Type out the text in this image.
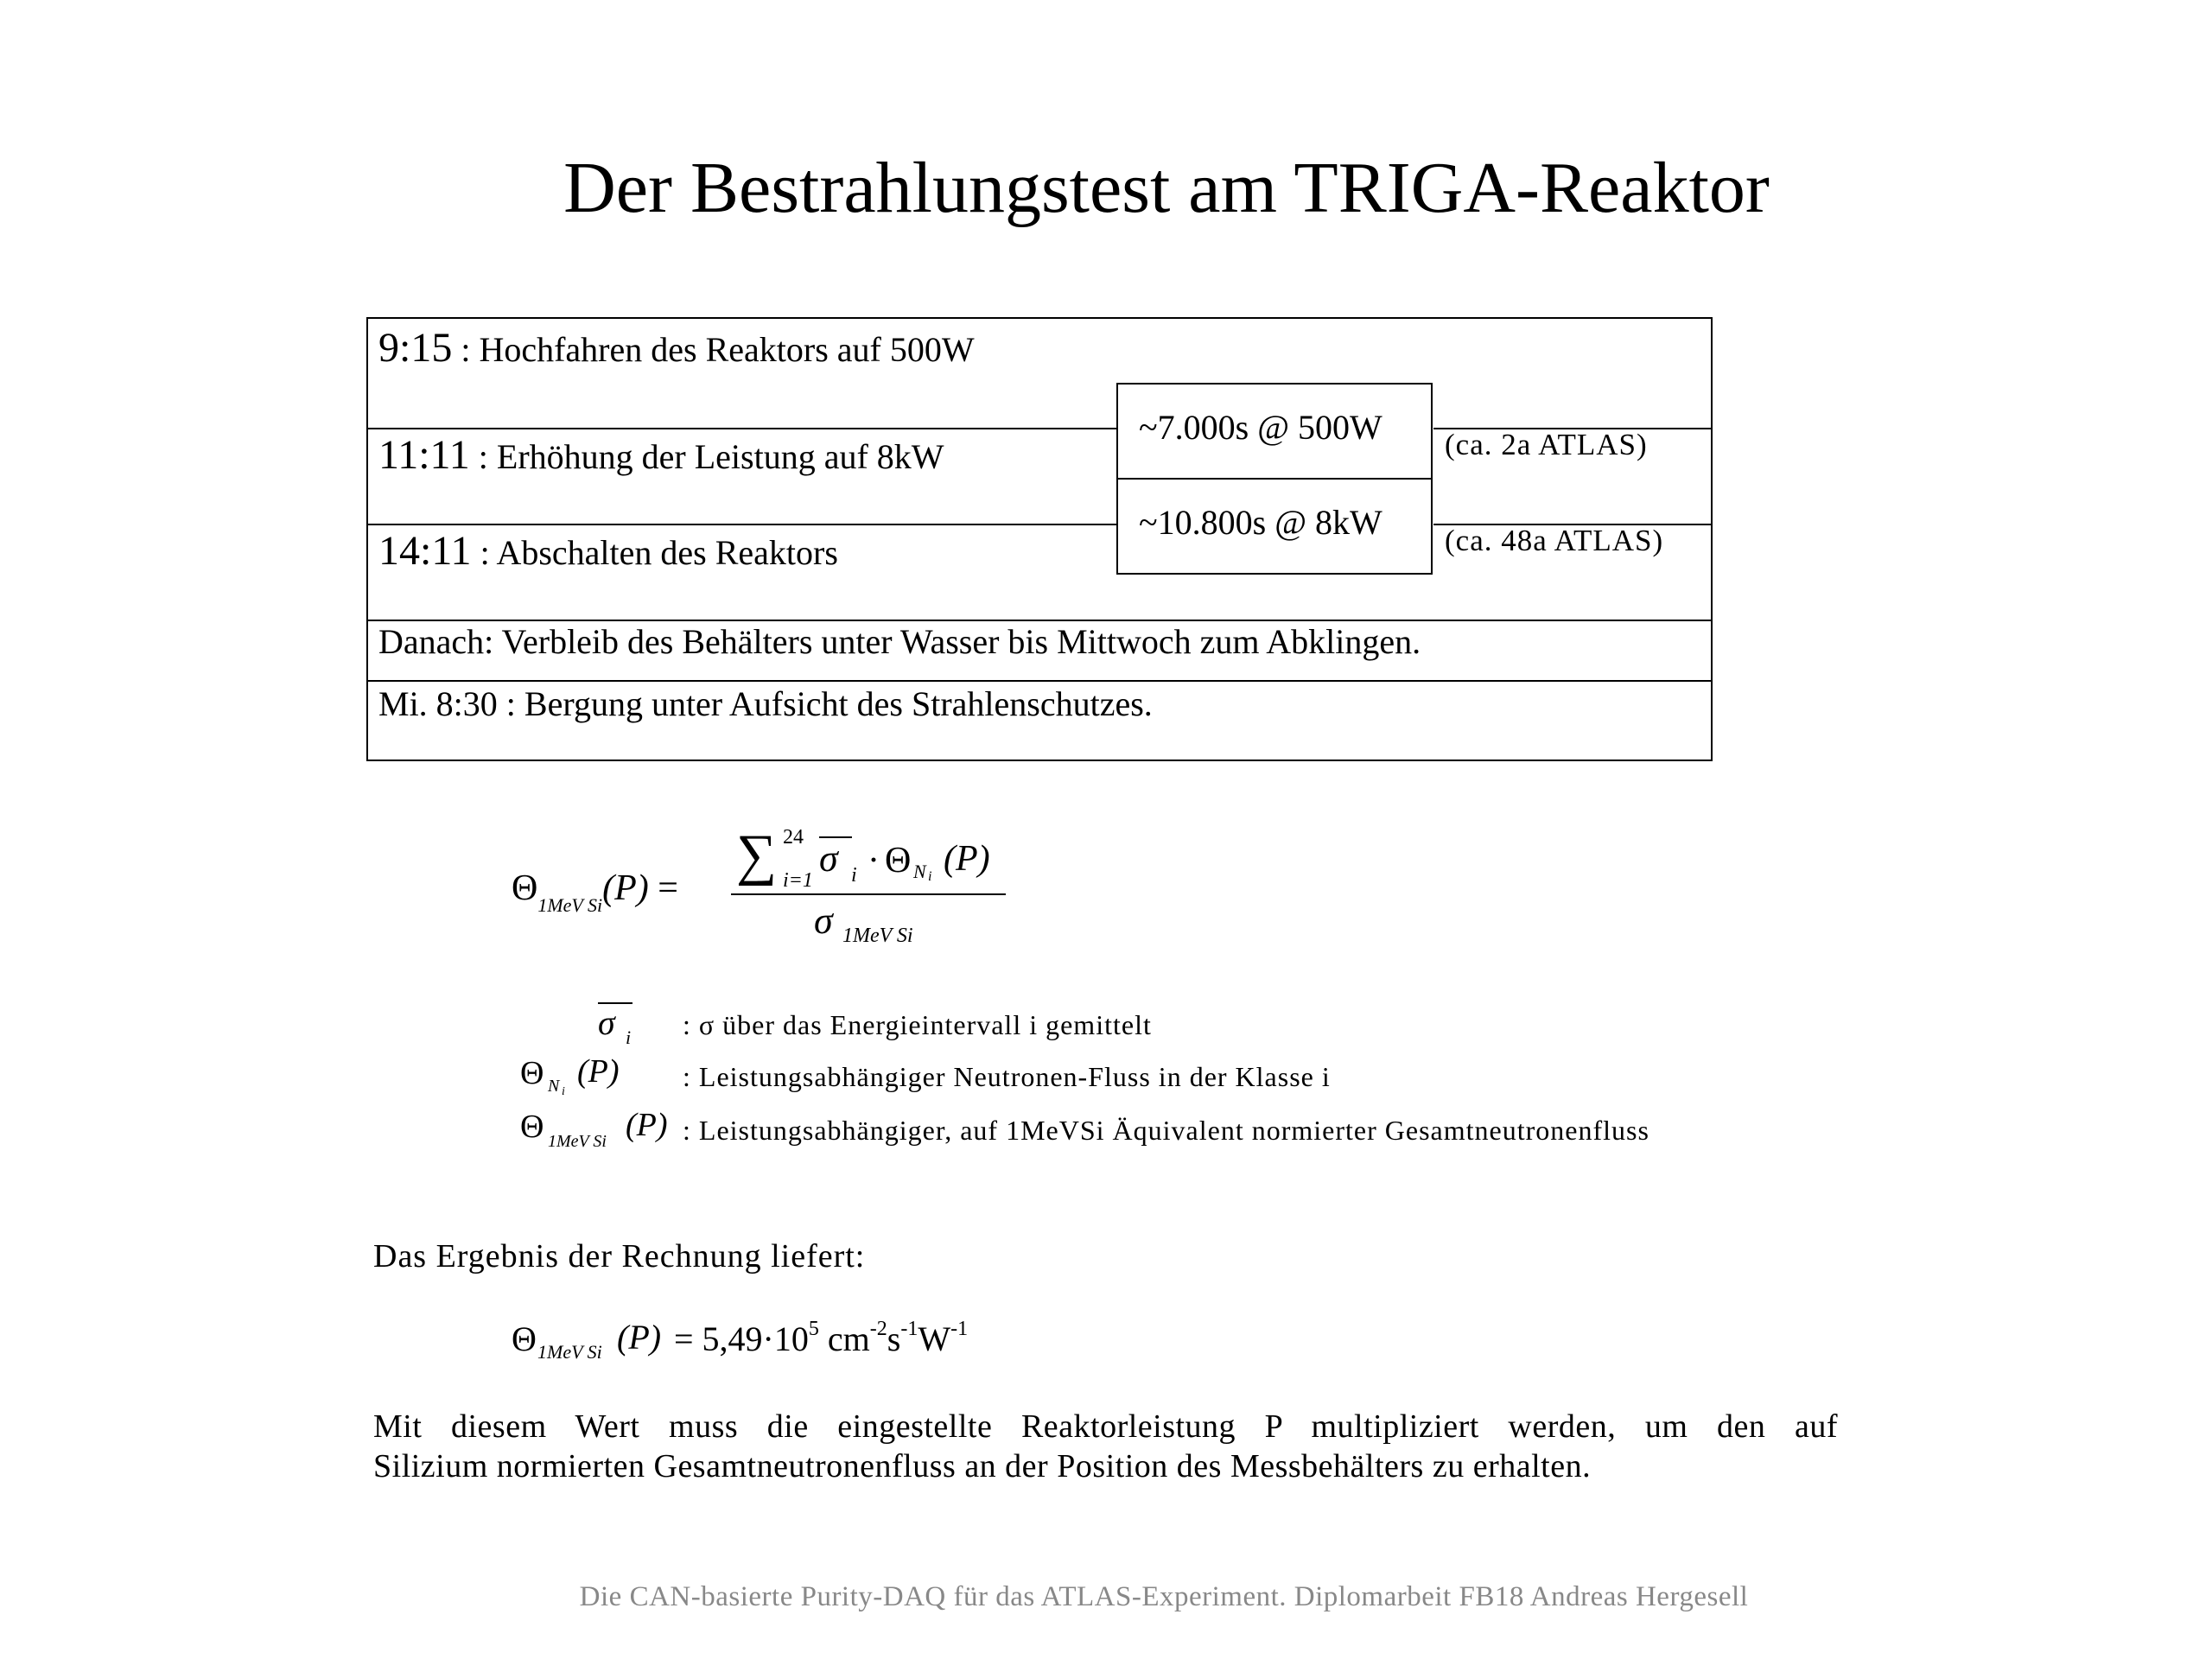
Der Bestrahlungstest am TRIGA-Reaktor
9:15 : Hochfahren des Reaktors auf 500W
11:11 : Erhöhung der Leistung auf 8kW
14:11 : Abschalten des Reaktors
~7.000s @ 500W
~10.800s @ 8kW
(ca. 2a ATLAS)
(ca. 48a ATLAS)
Danach: Verbleib des Behälters unter Wasser bis Mittwoch zum Abklingen.
Mi. 8:30 : Bergung unter Aufsicht des Strahlenschutzes.
$\Theta_{1MeV Si}(P)$ =
∑ 24
i=1
σ i · Θ N i (P)
σ 1MeV Si
σ i : σ über das Energieintervall i gemittelt
Θ N i
(P) : Leistungsabhängiger Neutronen-Fluss in der Klasse i
Θ 1MeV Si (P) : Leistungsabhängiger, auf 1MeVSi Äquivalent normierter Gesamtneutronenfluss
Das Ergebnis der Rechnung liefert:
Θ 1MeV Si $(P) = 5,49\cdot 10^5$ $cm^{-2}s^{-1}W^{-1}$
Mit diesem Wert muss die eingestellte Reaktorleistung P multipliziert werden, um den auf
Silizium normierten Gesamtneutronenfluss an der Position des Messbehälters zu erhalten.
Die CAN-basierte Purity-DAQ für das ATLAS-Experiment. Diplomarbeit FB18 Andreas Hergesell
